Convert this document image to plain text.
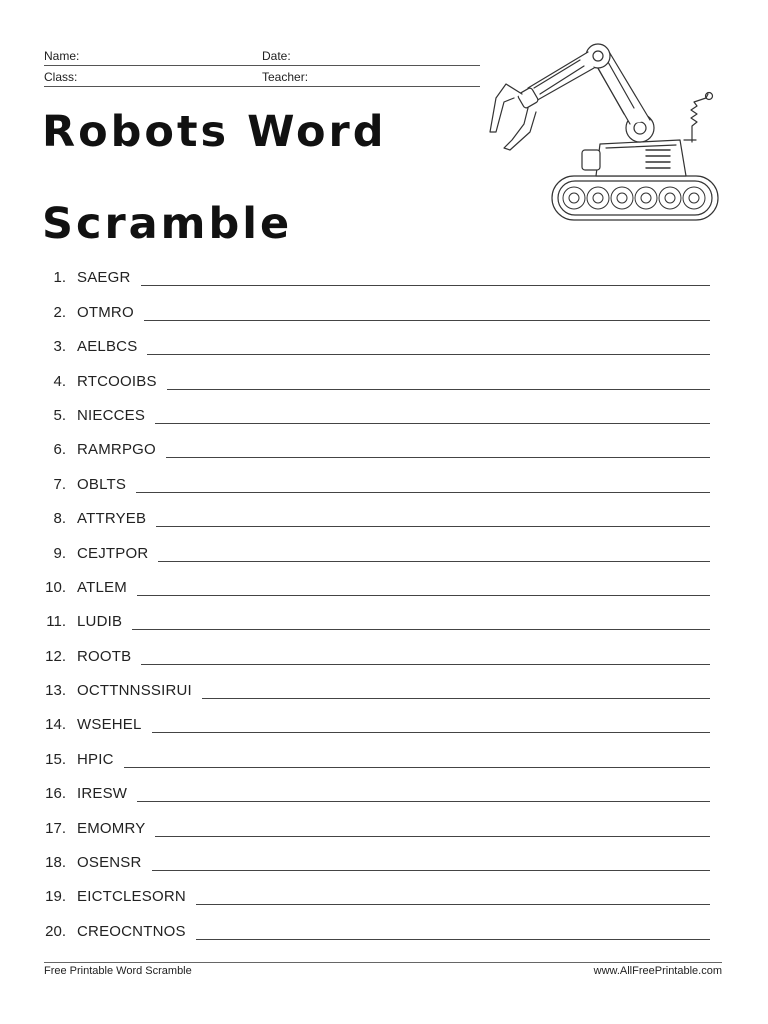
Name:	Date:
Class:	Teacher:
Robots Word
Scramble
1. SAEGR
2. OTMRO
3. AELBCS
4. RTCOOIBS
5. NIECCES
6. RAMRPGO
7. OBLTS
8. ATTRYEB
9. CEJTPOR
10. ATLEM
11. LUDIB
12. ROOTB
13. OCTTNNSSIRUI
14. WSEHEL
15. HPIC
16. IRESW
17. EMOMRY
18. OSENSR
19. EICTCLESORN
20. CREOCNTNOS
Free Printable Word Scramble	www.AllFreePrintable.com
